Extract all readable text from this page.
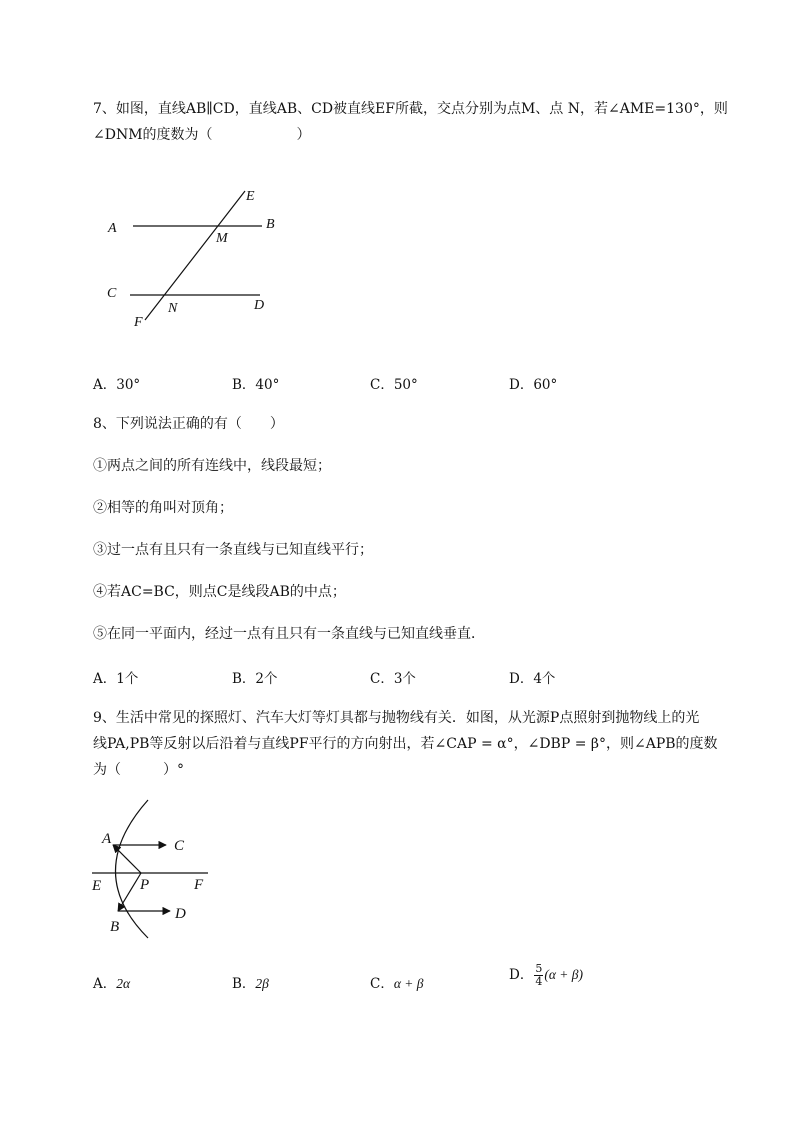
7、如图，直线AB∥CD，直线AB、CD被直线EF所截，交点分别为点M、点 N，若∠AME=130°，则
∠DNM的度数为（　　　　　　）
A	B
E
M
C
D
N
F
A．30°	B．40°	C．50°	D．60°
8、下列说法正确的有（　　）
①两点之间的所有连线中，线段最短；
②相等的角叫对顶角；
③过一点有且只有一条直线与已知直线平行；
④若AC=BC，则点C是线段AB的中点；
⑤在同一平面内，经过一点有且只有一条直线与已知直线垂直．
A．1个	B．2个	C．3个	D．4个
9、生活中常见的探照灯、汽车大灯等灯具都与抛物线有关．如图，从光源P点照射到抛物线上的光
线PA,PB等反射以后沿着与直线PF平行的方向射出，若∠CAP = α°，∠DBP = β°，则∠APB的度数
为（　　　）°
A	C
E	P	F
D
B
A．2α	B．2β	C．α + β
D． $\frac{5}{4} (\alpha + \beta)$
